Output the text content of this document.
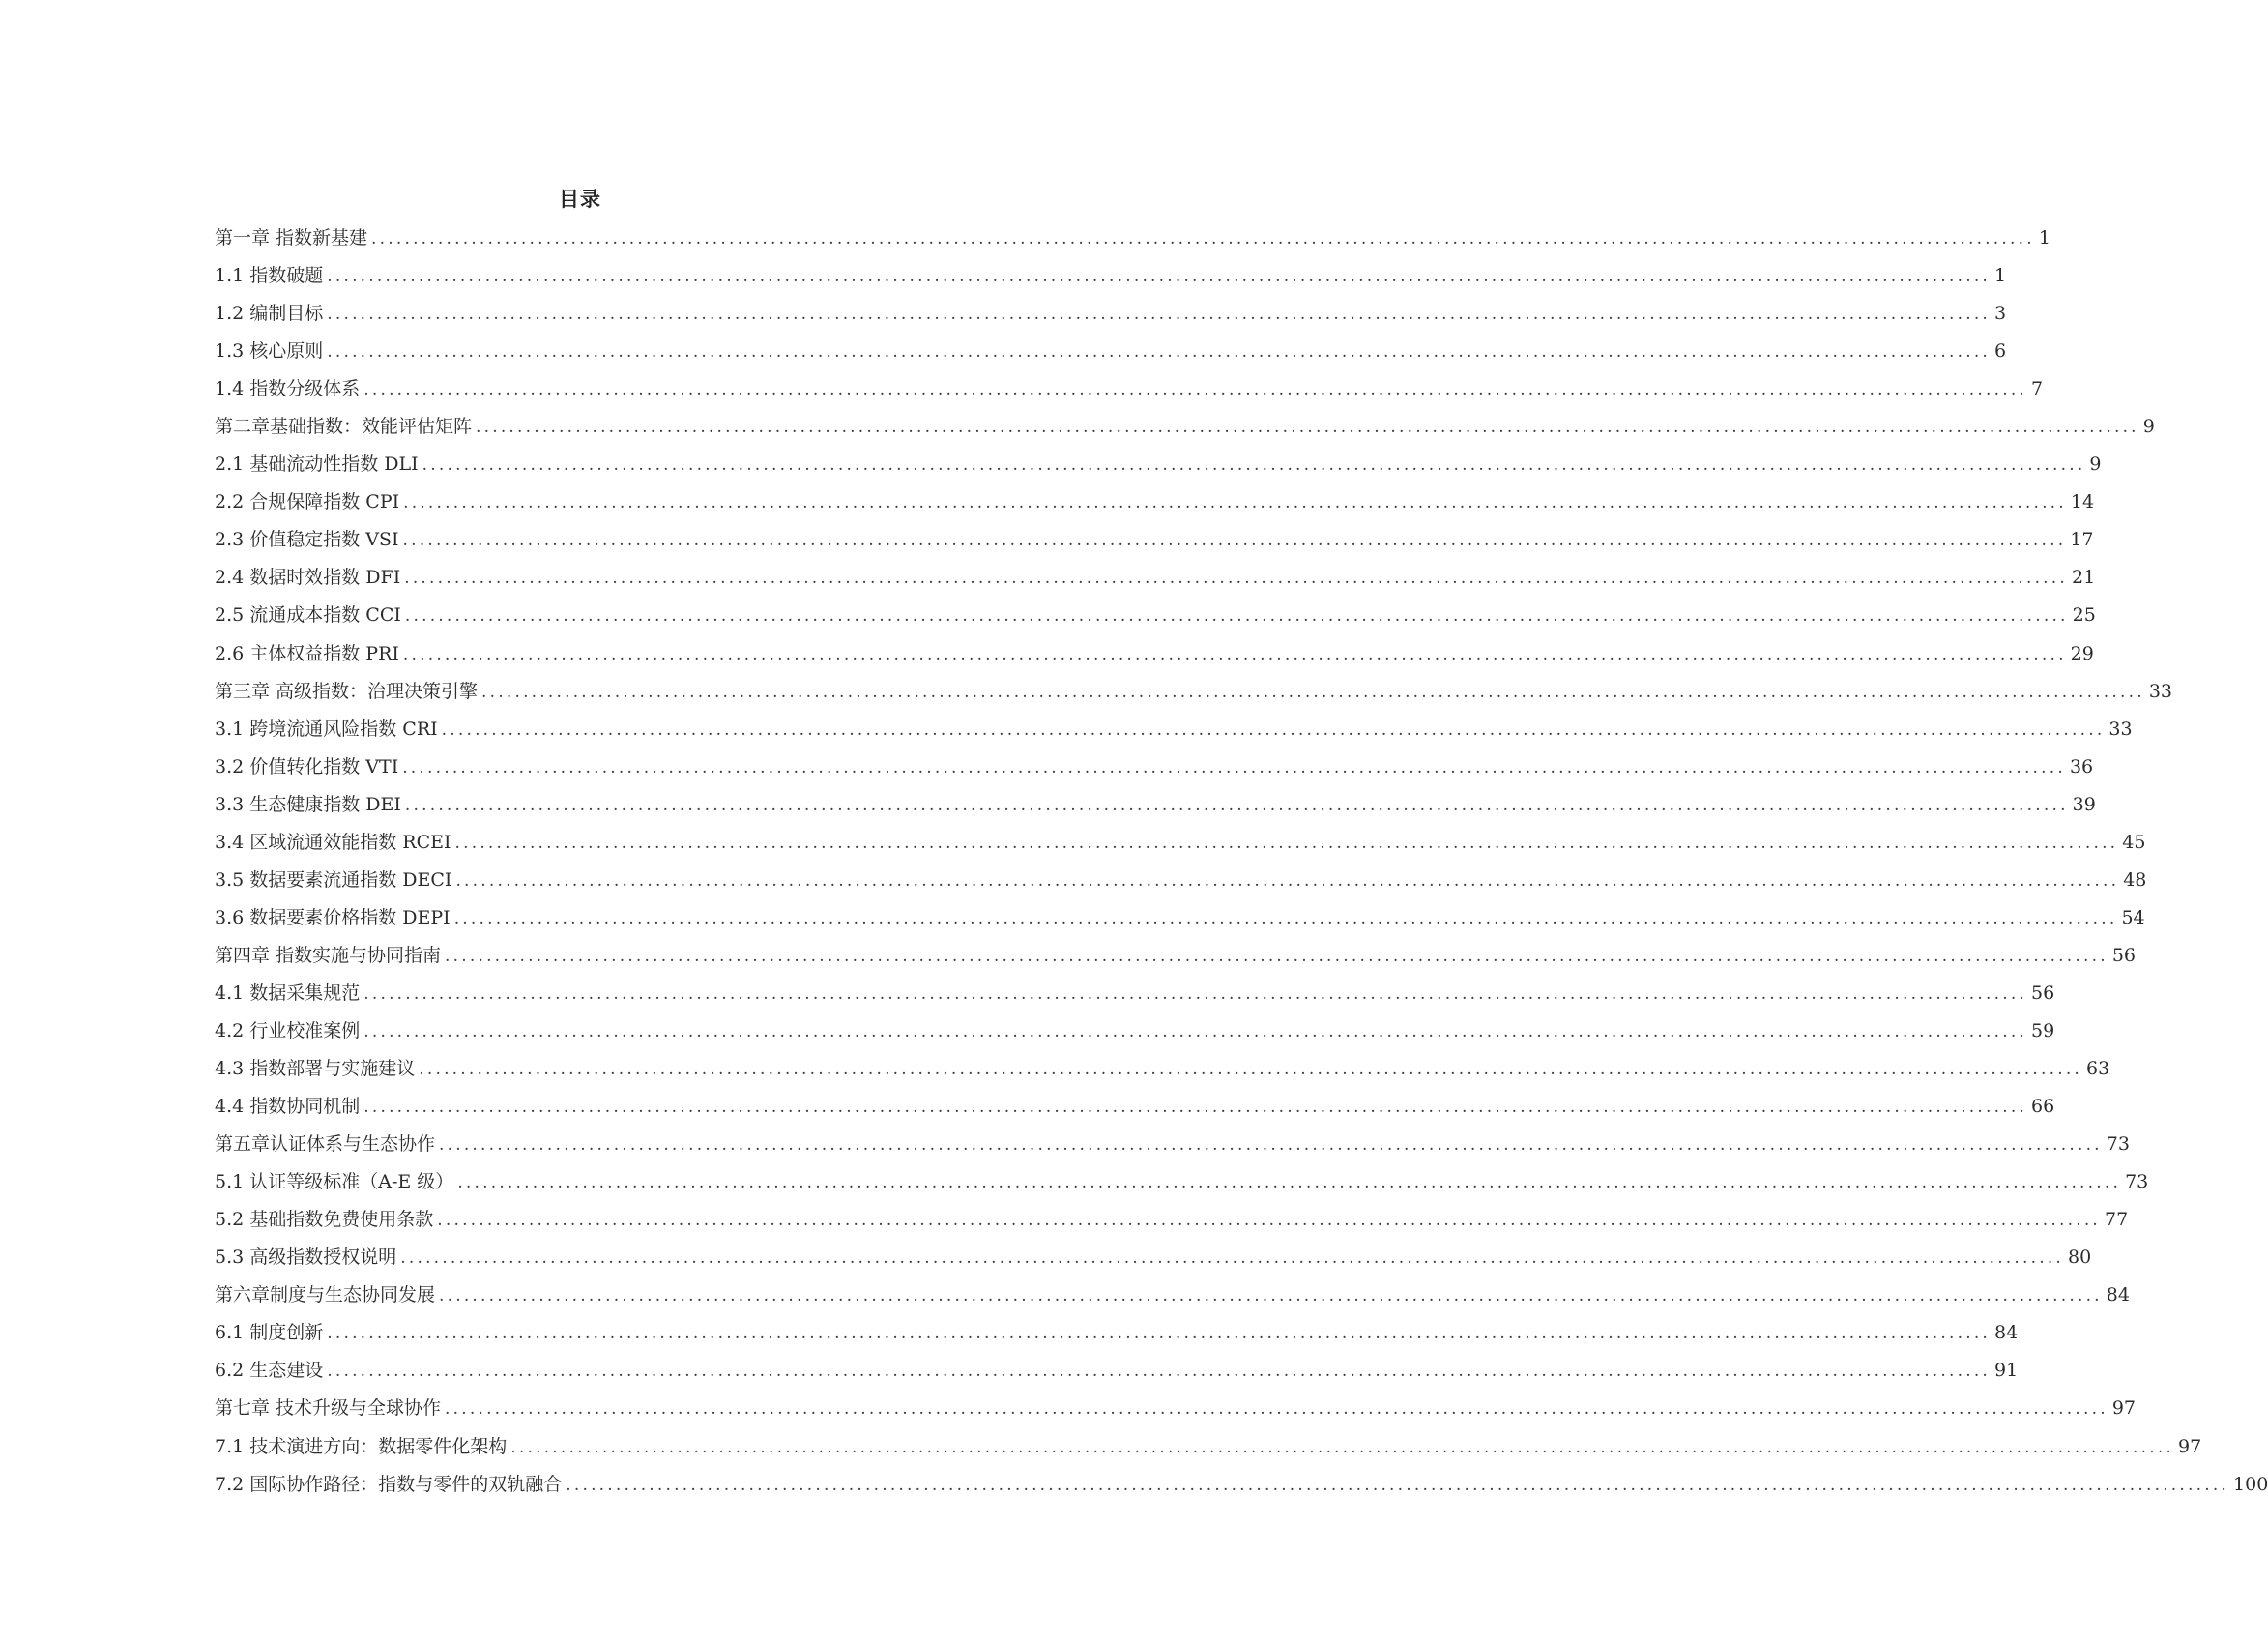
目录
第一章 指数新基建 ........................................................................................................................................................................................................ 1
1.1 指数破题 ........................................................................................................................................................................................................ 1
1.2 编制目标 ........................................................................................................................................................................................................ 3
1.3 核心原则 ........................................................................................................................................................................................................ 6
1.4 指数分级体系 ........................................................................................................................................................................................................ 7
第二章基础指数：效能评估矩阵 ........................................................................................................................................................................................................ 9
2.1 基础流动性指数 DLI ........................................................................................................................................................................................................ 9
2.2 合规保障指数 CPI ........................................................................................................................................................................................................ 14
2.3 价值稳定指数 VSI ........................................................................................................................................................................................................ 17
2.4 数据时效指数 DFI ........................................................................................................................................................................................................ 21
2.5 流通成本指数 CCI ........................................................................................................................................................................................................ 25
2.6 主体权益指数 PRI ........................................................................................................................................................................................................ 29
第三章 高级指数：治理决策引擎 ........................................................................................................................................................................................................ 33
3.1 跨境流通风险指数 CRI ........................................................................................................................................................................................................ 33
3.2 价值转化指数 VTI ........................................................................................................................................................................................................ 36
3.3 生态健康指数 DEI ........................................................................................................................................................................................................ 39
3.4 区域流通效能指数 RCEI ........................................................................................................................................................................................................ 45
3.5 数据要素流通指数 DECI ........................................................................................................................................................................................................ 48
3.6 数据要素价格指数 DEPI ........................................................................................................................................................................................................ 54
第四章 指数实施与协同指南 ........................................................................................................................................................................................................ 56
4.1 数据采集规范 ........................................................................................................................................................................................................ 56
4.2 行业校准案例 ........................................................................................................................................................................................................ 59
4.3 指数部署与实施建议 ........................................................................................................................................................................................................ 63
4.4 指数协同机制 ........................................................................................................................................................................................................ 66
第五章认证体系与生态协作 ........................................................................................................................................................................................................ 73
5.1 认证等级标准（A-E 级） ........................................................................................................................................................................................................ 73
5.2 基础指数免费使用条款 ........................................................................................................................................................................................................ 77
5.3 高级指数授权说明 ........................................................................................................................................................................................................ 80
第六章制度与生态协同发展 ........................................................................................................................................................................................................ 84
6.1 制度创新 ........................................................................................................................................................................................................ 84
6.2 生态建设 ........................................................................................................................................................................................................ 91
第七章 技术升级与全球协作 ........................................................................................................................................................................................................ 97
7.1 技术演进方向：数据零件化架构 ........................................................................................................................................................................................................ 97
7.2 国际协作路径：指数与零件的双轨融合 ........................................................................................................................................................................................................ 100
